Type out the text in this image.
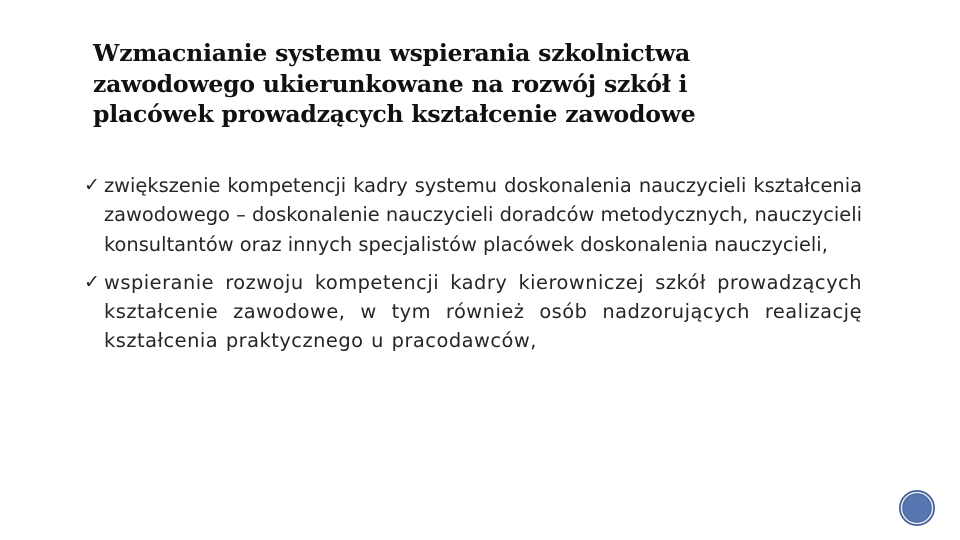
Wzmacnianie systemu wspierania szkolnictwa zawodowego ukierunkowane na rozwój szkół i placówek prowadzących kształcenie zawodowe
✓ zwiększenie kompetencji kadry systemu doskonalenia nauczycieli kształcenia zawodowego – doskonalenie nauczycieli doradców metodycznych, nauczycieli konsultantów oraz innych specjalistów placówek doskonalenia nauczycieli,
✓ wspieranie rozwoju kompetencji kadry kierowniczej szkół prowadzących kształcenie zawodowe, w tym również osób nadzorujących realizację kształcenia praktycznego u pracodawców,
